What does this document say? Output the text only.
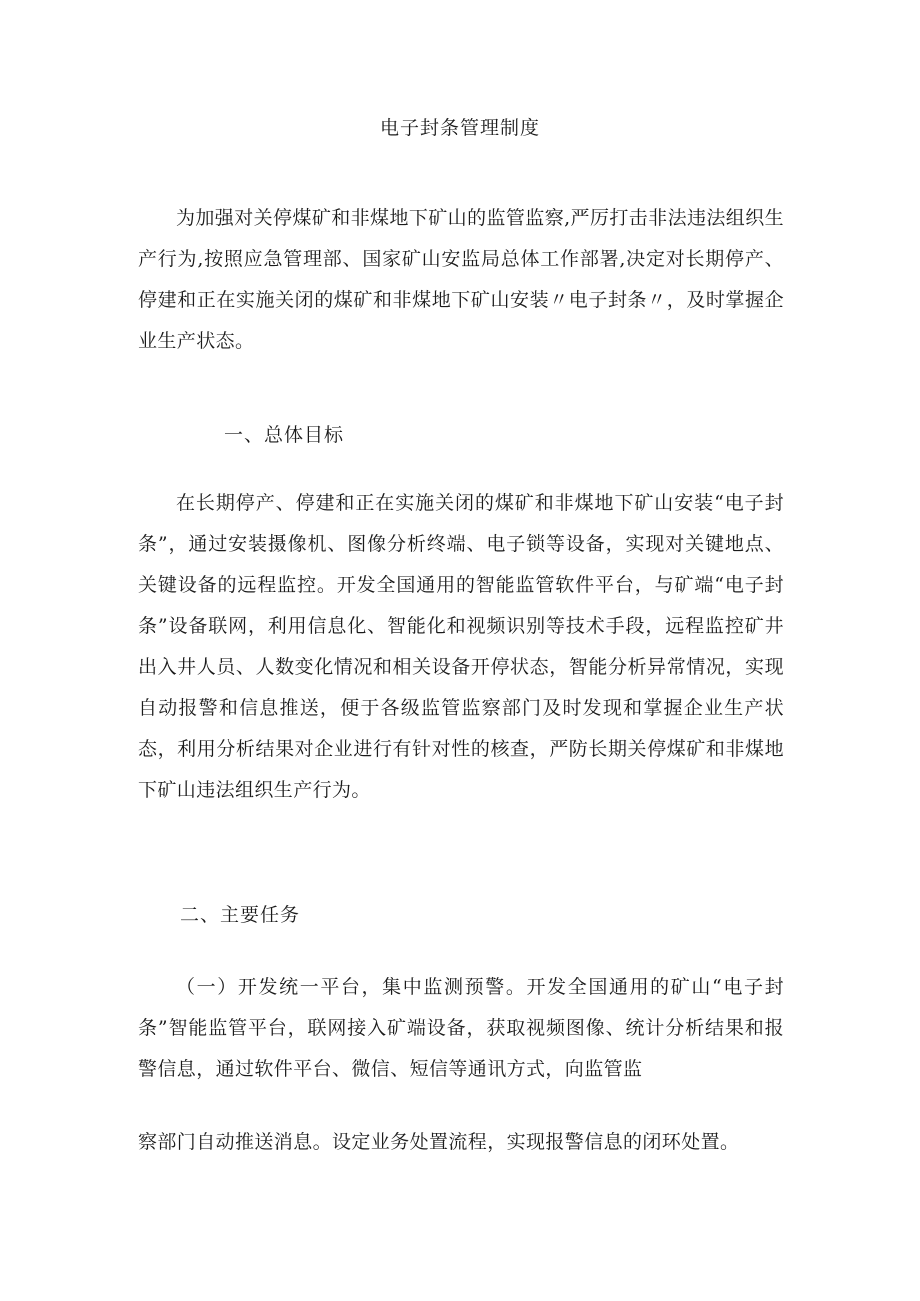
电子封条管理制度
为加强对关停煤矿和非煤地下矿山的监管监察,严厉打击非法违法组织生产行为,按照应急管理部、国家矿山安监局总体工作部署,决定对长期停产、停建和正在实施关闭的煤矿和非煤地下矿山安装〃电子封条〃，及时掌握企业生产状态。
一、总体目标
在长期停产、停建和正在实施关闭的煤矿和非煤地下矿山安装“电子封条”，通过安装摄像机、图像分析终端、电子锁等设备，实现对关键地点、关键设备的远程监控。开发全国通用的智能监管软件平台，与矿端“电子封条”设备联网，利用信息化、智能化和视频识别等技术手段，远程监控矿井出入井人员、人数变化情况和相关设备开停状态，智能分析异常情况，实现自动报警和信息推送，便于各级监管监察部门及时发现和掌握企业生产状态，利用分析结果对企业进行有针对性的核查，严防长期关停煤矿和非煤地下矿山违法组织生产行为。
二、主要任务
（一）开发统一平台，集中监测预警。开发全国通用的矿山“电子封条”智能监管平台，联网接入矿端设备，获取视频图像、统计分析结果和报警信息，通过软件平台、微信、短信等通讯方式，向监管监
察部门自动推送消息。设定业务处置流程，实现报警信息的闭环处置。
